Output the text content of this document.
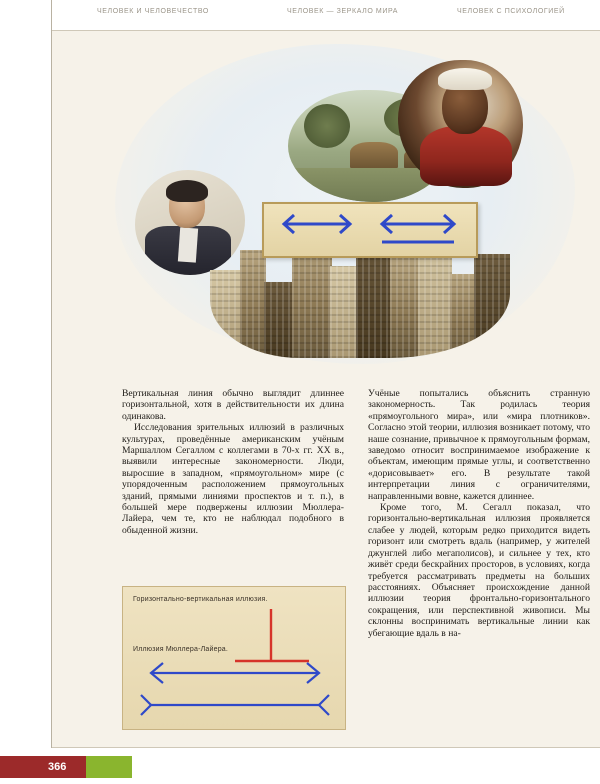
ЧЕЛОВЕК И ЧЕЛОВЕЧЕСТВО	ЧЕЛОВЕК — ЗЕРКАЛО МИРА	ЧЕЛОВЕК С ПСИХОЛОГИЕЙ

Вертикальная линия обычно выглядит длиннее горизонтальной, хотя в действительности их длина одинакова.

Исследования зрительных иллюзий в различных культурах, проведённые американским учёным Маршаллом Сегаллом с коллегами в 70-х гг. XX в., выявили интересные закономерности. Люди, выросшие в западном, «прямоугольном» мире (с упорядоченным расположением прямоугольных зданий, прямыми линиями проспектов и т. п.), в большей мере подвержены иллюзии Мюллера-Лайера, чем те, кто не наблюдал подобного в обыденной жизни.

Учёные попытались объяснить странную закономерность. Так родилась теория «прямоугольного мира», или «мира плотников». Согласно этой теории, иллюзия возникает потому, что наше сознание, привычное к прямоугольным формам, заведомо относит воспринимаемое изображение к объектам, имеющим прямые углы, и соответственно «дорисовывает» его. В результате такой интерпретации линия с ограничителями, направленными вовне, кажется длиннее.

Кроме того, М. Сегалл показал, что горизонтально-вертикальная иллюзия проявляется слабее у людей, которым редко приходится видеть горизонт или смотреть вдаль (например, у жителей джунглей либо мегаполисов), и сильнее у тех, кто живёт среди бескрайних просторов, в условиях, когда требуется рассматривать предметы на больших расстояниях. Объясняет происхождение данной иллюзии теория фронтально-горизонтального сокращения, или перспективной живописи. Мы склонны воспринимать вертикальные линии как убегающие вдаль в на-

Горизонтально-вертикальная иллюзия.
Иллюзия Мюллера-Лайера.
366
